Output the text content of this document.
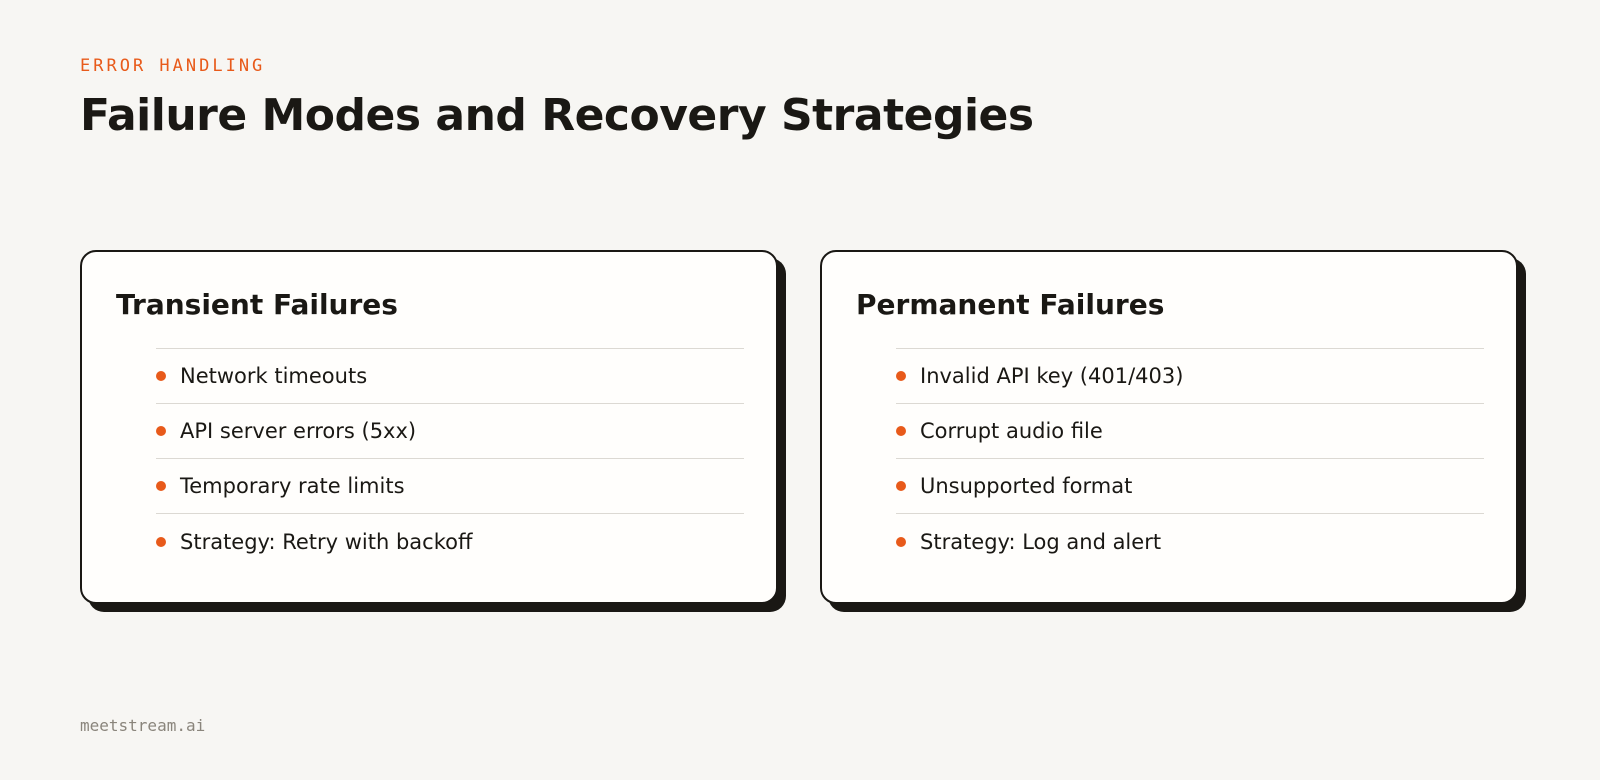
ERROR HANDLING
Failure Modes and Recovery Strategies
Transient Failures
Network timeouts
API server errors (5xx)
Temporary rate limits
Strategy: Retry with backoff
Permanent Failures
Invalid API key (401/403)
Corrupt audio file
Unsupported format
Strategy: Log and alert
meetstream.ai
